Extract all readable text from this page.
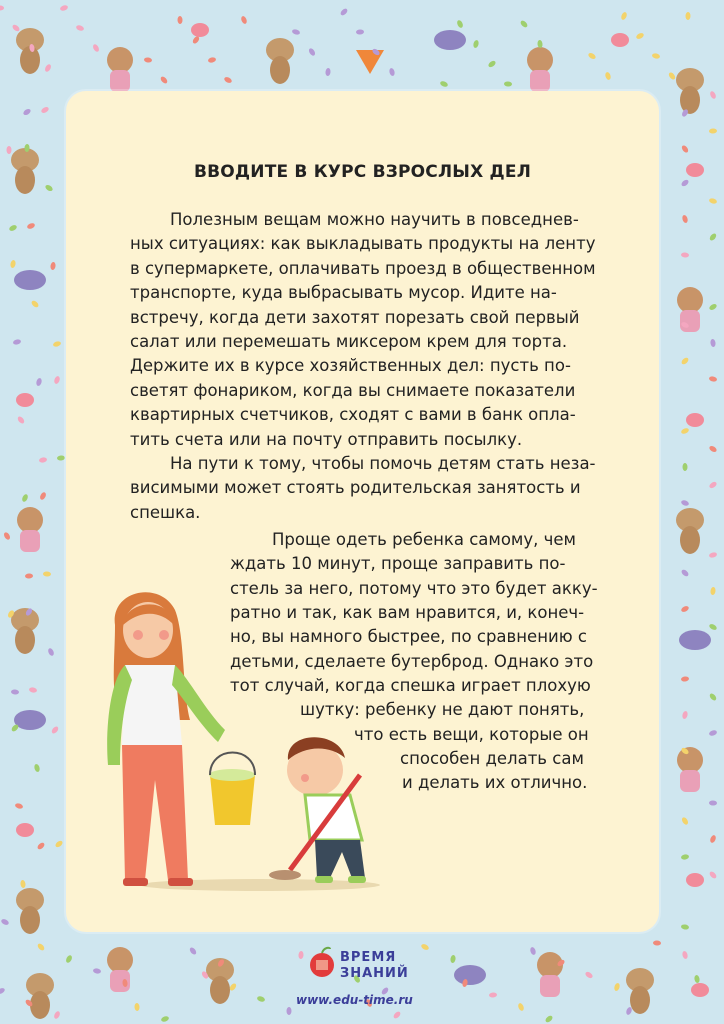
ВВОДИТЕ В КУРС ВЗРОСЛЫХ ДЕЛ
Полезным вещам можно научить в повседнев-
ных ситуациях: как выкладывать продукты на ленту
в супермаркете, оплачивать проезд в общественном
транспорте, куда выбрасывать мусор. Идите на-
встречу, когда дети захотят порезать свой первый
салат или перемешать миксером крем для торта.
Держите их в курсе хозяйственных дел: пусть по-
светят фонариком, когда вы снимаете показатели
квартирных счетчиков, сходят с вами в банк опла-
тить счета или на почту отправить посылку.
На пути к тому, чтобы помочь детям стать неза-
висимыми может стоять родительская занятость и
спешка.
Проще одеть ребенка самому, чем
ждать 10 минут, проще заправить по-
стель за него, потому что это будет акку-
ратно и так, как вам нравится, и, конеч-
но, вы намного быстрее, по сравнению с
детьми, сделаете бутерброд. Однако это
тот случай, когда спешка играет плохую
шутку: ребенку не дают понять,
что есть вещи, которые он
способен делать сам
и делать их отлично.
ВРЕМЯ
ЗНАНИЙ
www.edu-time.ru
